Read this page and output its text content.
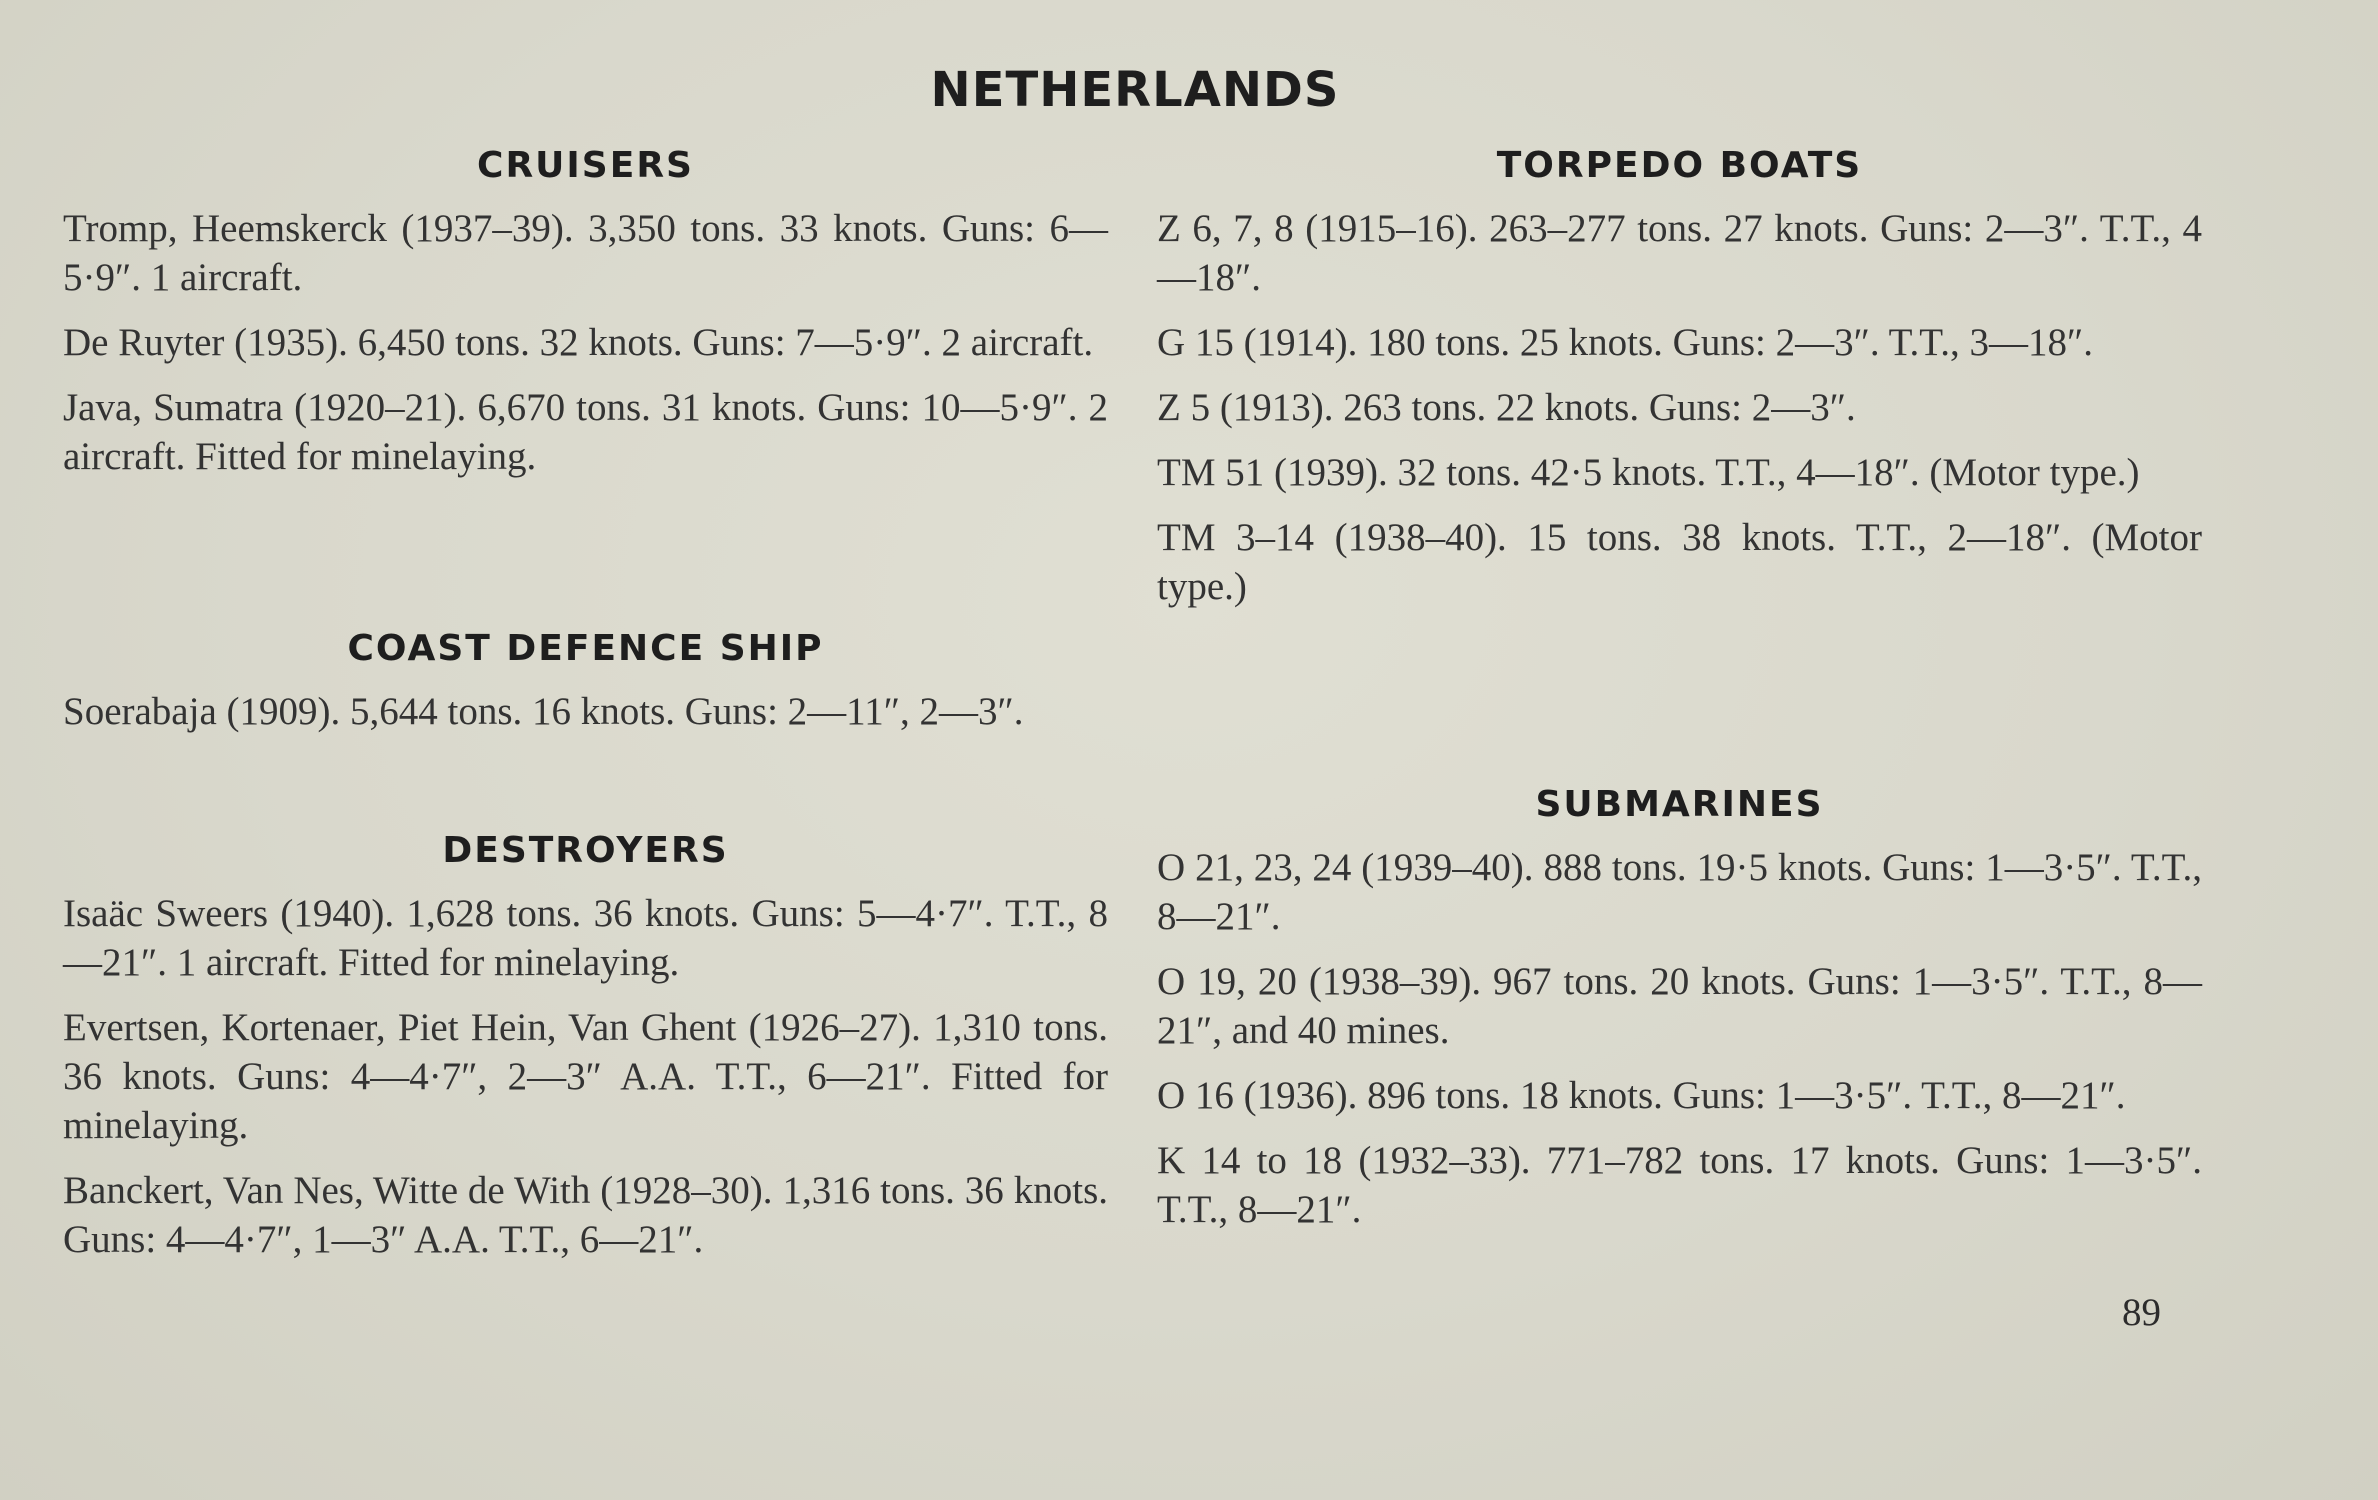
NETHERLANDS
CRUISERS

Tromp, Heemskerck (1937–39). 3,350 tons. 33 knots. Guns: 6—5·9″. 1 aircraft.

De Ruyter (1935). 6,450 tons. 32 knots. Guns: 7—5·9″. 2 aircraft.

Java, Sumatra (1920–21). 6,670 tons. 31 knots. Guns: 10—5·9″. 2 aircraft. Fitted for minelaying.

COAST DEFENCE SHIP

Soerabaja (1909). 5,644 tons. 16 knots. Guns: 2—11″, 2—3″.

DESTROYERS

Isaäc Sweers (1940). 1,628 tons. 36 knots. Guns: 5—4·7″. T.T., 8—21″. 1 aircraft. Fitted for minelaying.

Evertsen, Kortenaer, Piet Hein, Van Ghent (1926–27). 1,310 tons. 36 knots. Guns: 4—4·7″, 2—3″ A.A. T.T., 6—21″. Fitted for minelaying.

Banckert, Van Nes, Witte de With (1928–30). 1,316 tons. 36 knots. Guns: 4—4·7″, 1—3″ A.A. T.T., 6—21″.

TORPEDO BOATS

Z 6, 7, 8 (1915–16). 263–277 tons. 27 knots. Guns: 2—3″. T.T., 4—18″.

G 15 (1914). 180 tons. 25 knots. Guns: 2—3″. T.T., 3—18″.

Z 5 (1913). 263 tons. 22 knots. Guns: 2—3″.

TM 51 (1939). 32 tons. 42·5 knots. T.T., 4—18″. (Motor type.)

TM 3–14 (1938–40). 15 tons. 38 knots. T.T., 2—18″. (Motor type.)

SUBMARINES

O 21, 23, 24 (1939–40). 888 tons. 19·5 knots. Guns: 1—3·5″. T.T., 8—21″.

O 19, 20 (1938–39). 967 tons. 20 knots. Guns: 1—3·5″. T.T., 8—21″, and 40 mines.

O 16 (1936). 896 tons. 18 knots. Guns: 1—3·5″. T.T., 8—21″.

K 14 to 18 (1932–33). 771–782 tons. 17 knots. Guns: 1—3·5″. T.T., 8—21″.

89
